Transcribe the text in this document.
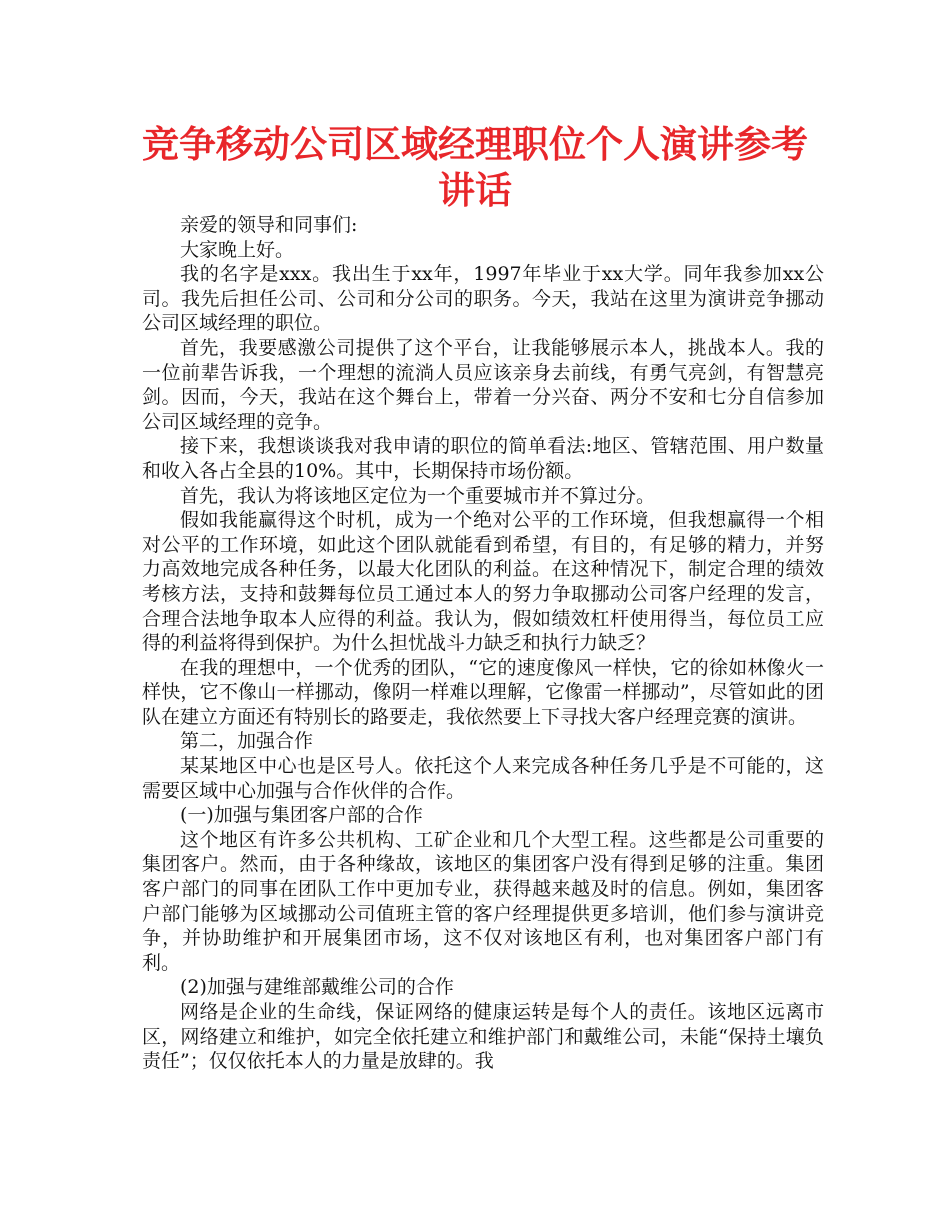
竞争移动公司区域经理职位个人演讲参考讲话

亲爱的领导和同事们:

大家晚上好。

我的名字是xxx。我出生于xx年，1997年毕业于xx大学。同年我参加xx公司。我先后担任公司、公司和分公司的职务。今天，我站在这里为演讲竞争挪动公司区域经理的职位。

首先，我要感激公司提供了这个平台，让我能够展示本人，挑战本人。我的一位前辈告诉我，一个理想的流淌人员应该亲身去前线，有勇气亮剑，有智慧亮剑。因而，今天，我站在这个舞台上，带着一分兴奋、两分不安和七分自信参加公司区域经理的竞争。

接下来，我想谈谈我对我申请的职位的简单看法:地区、管辖范围、用户数量和收入各占全县的10%。其中，长期保持市场份额。

首先，我认为将该地区定位为一个重要城市并不算过分。

假如我能赢得这个时机，成为一个绝对公平的工作环境，但我想赢得一个相对公平的工作环境，如此这个团队就能看到希望，有目的，有足够的精力，并努力高效地完成各种任务，以最大化团队的利益。在这种情况下，制定合理的绩效考核方法，支持和鼓舞每位员工通过本人的努力争取挪动公司客户经理的发言，合理合法地争取本人应得的利益。我认为，假如绩效杠杆使用得当，每位员工应得的利益将得到保护。为什么担忧战斗力缺乏和执行力缺乏？

在我的理想中，一个优秀的团队，“它的速度像风一样快，它的徐如林像火一样快，它不像山一样挪动，像阴一样难以理解，它像雷一样挪动”，尽管如此的团队在建立方面还有特别长的路要走，我依然要上下寻找大客户经理竞赛的演讲。

第二，加强合作

某某地区中心也是区号人。依托这个人来完成各种任务几乎是不可能的，这需要区域中心加强与合作伙伴的合作。

(一)加强与集团客户部的合作

这个地区有许多公共机构、工矿企业和几个大型工程。这些都是公司重要的集团客户。然而，由于各种缘故，该地区的集团客户没有得到足够的注重。集团客户部门的同事在团队工作中更加专业，获得越来越及时的信息。例如，集团客户部门能够为区域挪动公司值班主管的客户经理提供更多培训，他们参与演讲竞争，并协助维护和开展集团市场，这不仅对该地区有利，也对集团客户部门有利。

(2)加强与建维部戴维公司的合作

网络是企业的生命线，保证网络的健康运转是每个人的责任。该地区远离市区，网络建立和维护，如完全依托建立和维护部门和戴维公司，未能“保持土壤负责任”；仅仅依托本人的力量是放肆的。我
